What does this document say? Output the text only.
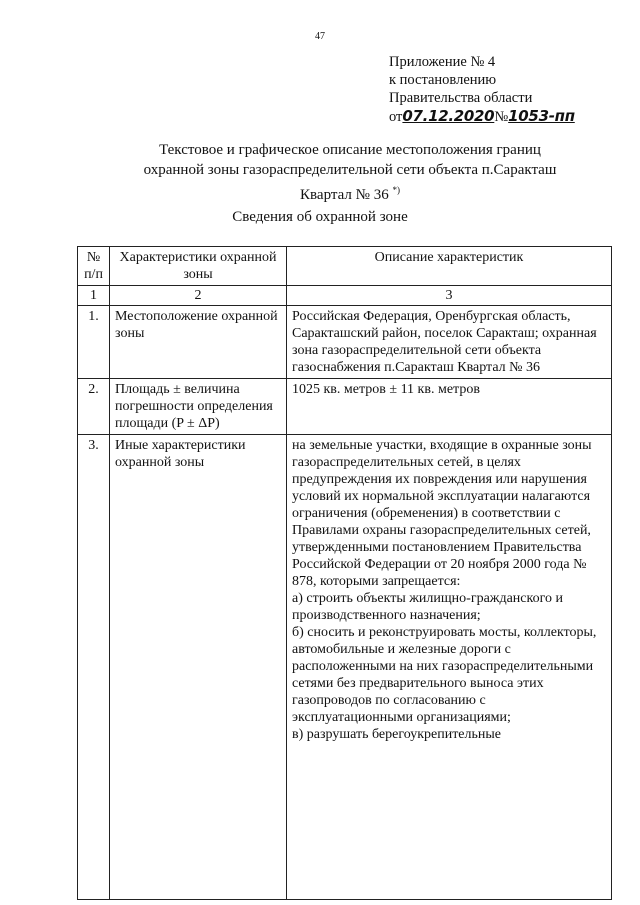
47
Приложение № 4
к постановлению
Правительства области
от07.12.2020№1053-пп
Текстовое и графическое описание местоположения границ
охранной зоны газораспределительной сети объекта п.Саракташ
Квартал № 36 *)
Сведения об охранной зоне
№ п/п	Характеристики охранной зоны	Описание характеристик
1	2	3
1.	Местоположение охранной зоны	Российская Федерация, Оренбургская область, Саракташский район, поселок Саракташ; охранная зона газораспределительной сети объекта газоснабжения п.Саракташ Квартал № 36
2.	Площадь ± величина погрешности определения площади (P ± ΔP)	1025 кв. метров ± 11 кв. метров
3.	Иные характеристики охранной зоны	на земельные участки, входящие в охранные зоны газораспределительных сетей, в целях предупреждения их повреждения или нарушения условий их нормальной эксплуатации налагаются ограничения (обременения) в соответствии с Правилами охраны газораспределительных сетей, утвержденными постановлением Правительства Российской Федерации от 20 ноября 2000 года № 878, которыми запрещается:
а) строить объекты жилищно-гражданского и производственного назначения;
б) сносить и реконструировать мосты, коллекторы, автомобильные и железные дороги с расположенными на них газораспределительными сетями без предварительного выноса этих газопроводов по согласованию с эксплуатационными организациями;
в) разрушать берегоукрепительные
